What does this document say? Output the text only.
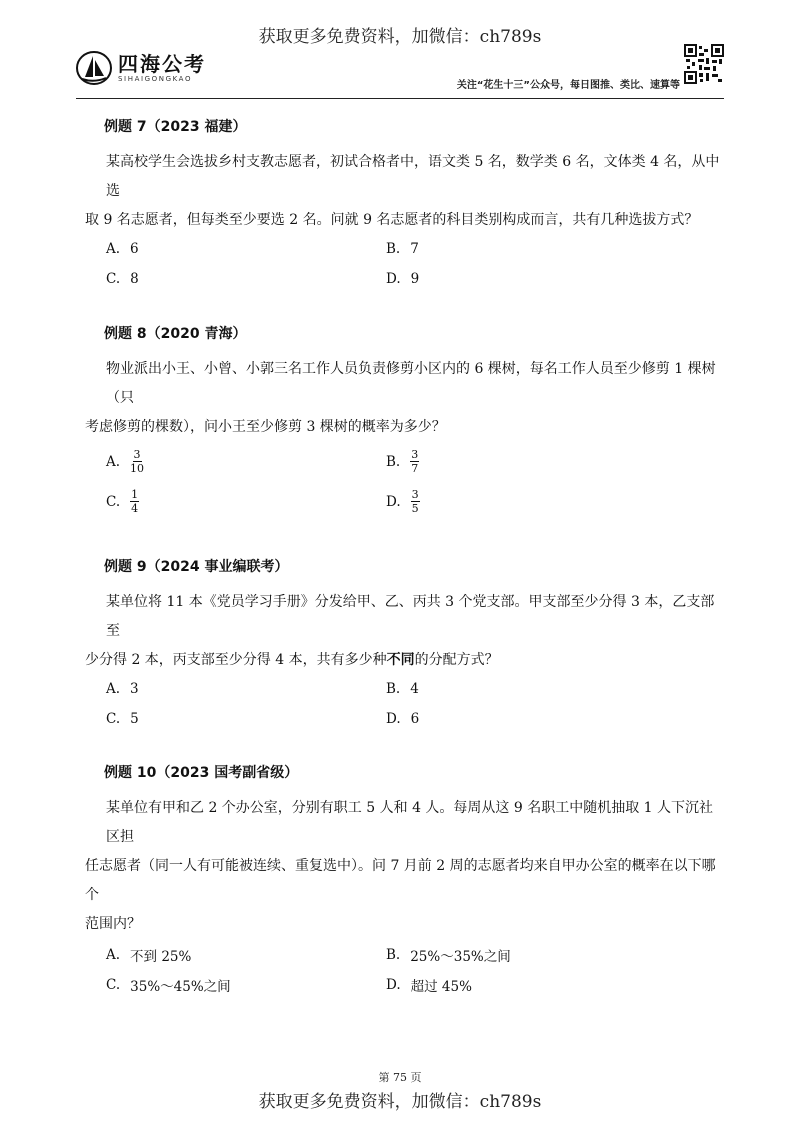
获取更多免费资料，加微信：ch789s
四海公考
SIHAIGONGKAO
关注“花生十三”公众号，每日图推、类比、速算等
例题 7（2023 福建）

某高校学生会选拔乡村支教志愿者，初试合格者中，语文类 5 名，数学类 6 名，文体类 4 名，从中选
取 9 名志愿者，但每类至少要选 2 名。问就 9 名志愿者的科目类别构成而言，共有几种选拔方式？

A. 6	B. 7
C. 8	D. 9
例题 8（2020 青海）

物业派出小王、小曾、小郭三名工作人员负责修剪小区内的 6 棵树，每名工作人员至少修剪 1 棵树（只
考虑修剪的棵数），问小王至少修剪 3 棵树的概率为多少？

A. $\frac{3}{10}$	B. $\frac{3}{7}$
C. $\frac{1}{4}$	D. $\frac{3}{5}$
例题 9（2024 事业编联考）

某单位将 11 本《党员学习手册》分发给甲、乙、丙共 3 个党支部。甲支部至少分得 3 本，乙支部至
少分得 2 本，丙支部至少分得 4 本，共有多少种不同的分配方式？

A. 3	B. 4
C. 5	D. 6
例题 10（2023 国考副省级）

某单位有甲和乙 2 个办公室，分别有职工 5 人和 4 人。每周从这 9 名职工中随机抽取 1 人下沉社区担
任志愿者（同一人有可能被连续、重复选中）。问 7 月前 2 周的志愿者均来自甲办公室的概率在以下哪个
范围内？

A. 不到 25%	B. 25%～35%之间
C. 35%～45%之间	D. 超过 45%
第 75 页
获取更多免费资料，加微信：ch789s
